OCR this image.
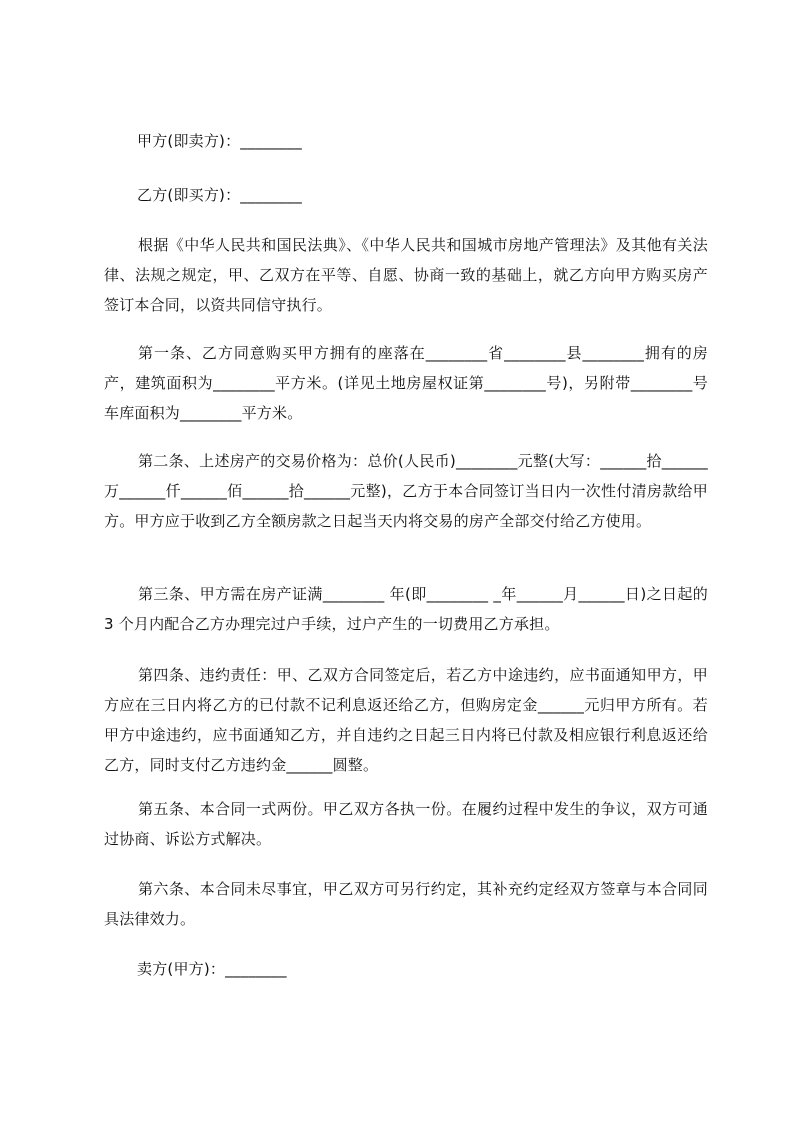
甲方(即卖方)：________

乙方(即买方)：________

根据《中华人民共和国民法典》、《中华人民共和国城市房地产管理法》及其他有关法律、法规之规定，甲、乙双方在平等、自愿、协商一致的基础上，就乙方向甲方购买房产签订本合同，以资共同信守执行。

第一条、乙方同意购买甲方拥有的座落在________省________县________拥有的房产，建筑面积为________平方米。(详见土地房屋权证第________号)，另附带________号车库面积为________平方米。

第二条、上述房产的交易价格为：总价(人民币)________元整(大写：______拾______万______仟______佰______拾______元整)，乙方于本合同签订当日内一次性付清房款给甲方。甲方应于收到乙方全额房款之日起当天内将交易的房产全部交付给乙方使用。

第三条、甲方需在房产证满________ 年(即________ _年______月______日)之日起的 3 个月内配合乙方办理完过户手续，过户产生的一切费用乙方承担。

第四条、违约责任：甲、乙双方合同签定后，若乙方中途违约，应书面通知甲方，甲方应在三日内将乙方的已付款不记利息返还给乙方，但购房定金______元归甲方所有。若甲方中途违约，应书面通知乙方，并自违约之日起三日内将已付款及相应银行利息返还给乙方，同时支付乙方违约金______圆整。

第五条、本合同一式两份。甲乙双方各执一份。在履约过程中发生的争议，双方可通过协商、诉讼方式解决。

第六条、本合同未尽事宜，甲乙双方可另行约定，其补充约定经双方签章与本合同同具法律效力。

卖方(甲方)：________
